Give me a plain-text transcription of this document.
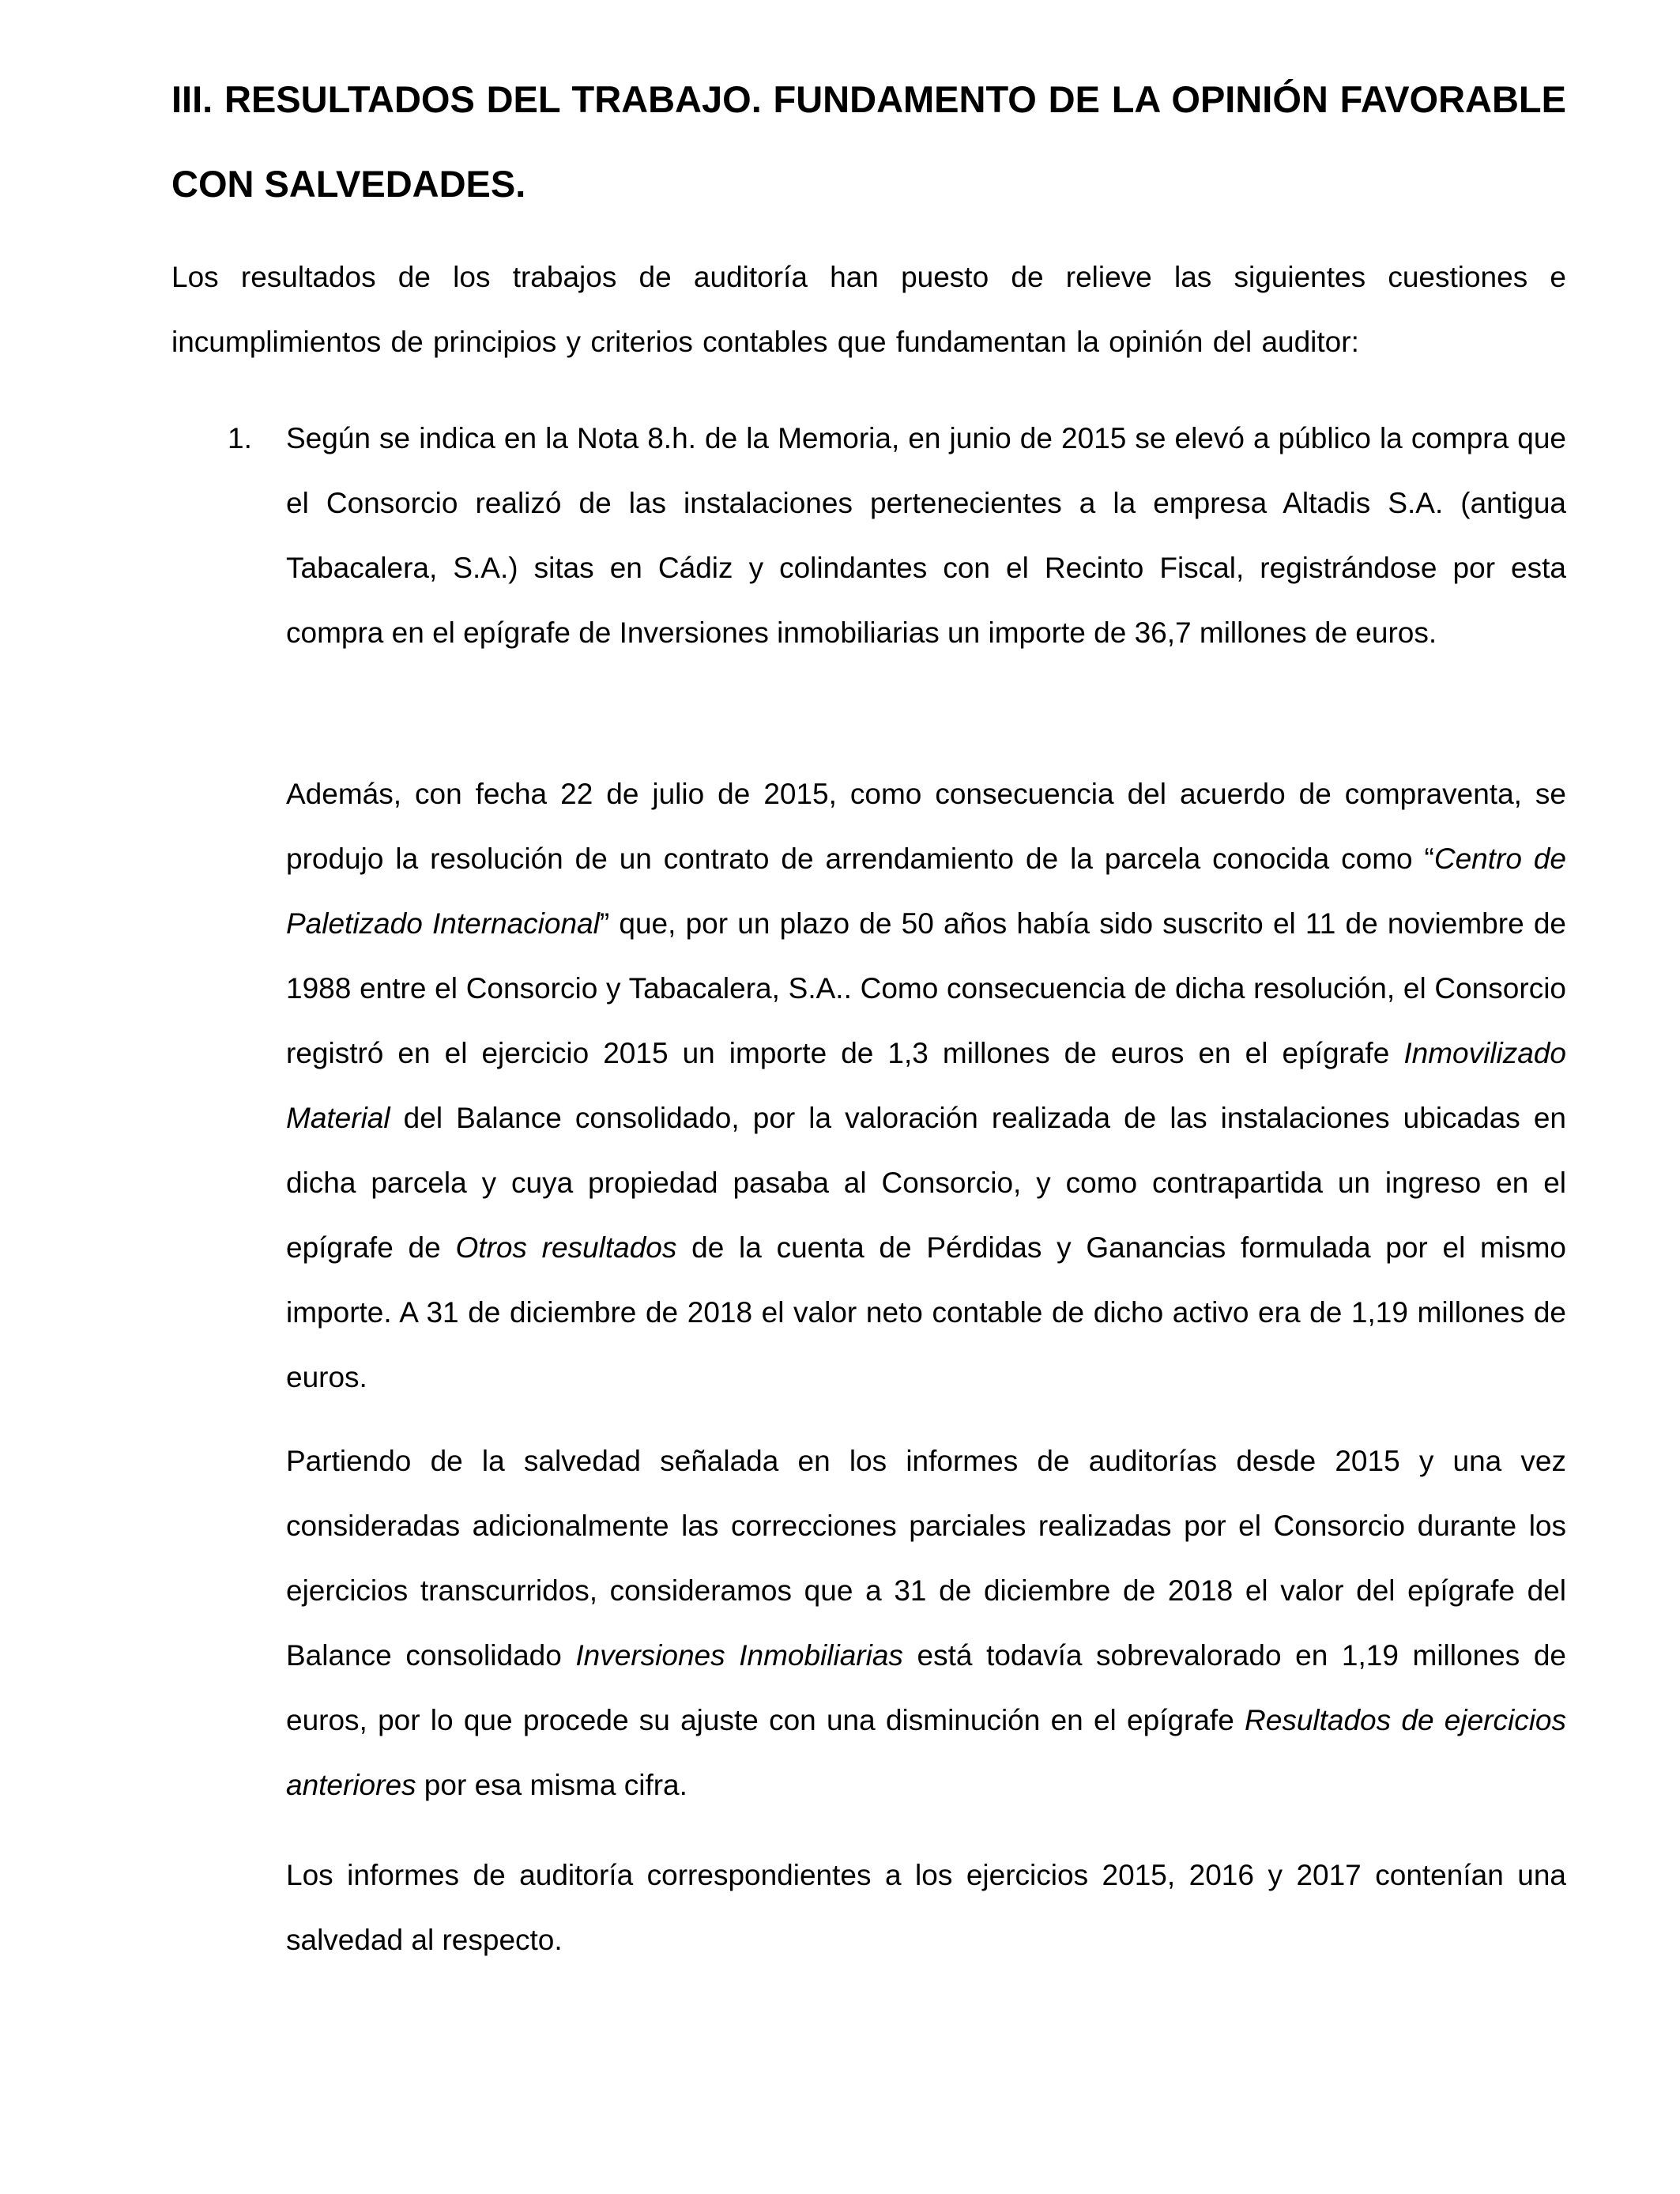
III. RESULTADOS DEL TRABAJO. FUNDAMENTO DE LA OPINIÓN FAVORABLE CON SALVEDADES.

Los resultados de los trabajos de auditoría han puesto de relieve las siguientes cuestiones e incumplimientos de principios y criterios contables que fundamentan la opinión del auditor:

1. Según se indica en la Nota 8.h. de la Memoria, en junio de 2015 se elevó a público la compra que el Consorcio realizó de las instalaciones pertenecientes a la empresa Altadis S.A. (antigua Tabacalera, S.A.) sitas en Cádiz y colindantes con el Recinto Fiscal, registrándose por esta compra en el epígrafe de Inversiones inmobiliarias un importe de 36,7 millones de euros.

Además, con fecha 22 de julio de 2015, como consecuencia del acuerdo de compraventa, se produjo la resolución de un contrato de arrendamiento de la parcela conocida como “Centro de Paletizado Internacional” que, por un plazo de 50 años había sido suscrito el 11 de noviembre de 1988 entre el Consorcio y Tabacalera, S.A.. Como consecuencia de dicha resolución, el Consorcio registró en el ejercicio 2015 un importe de 1,3 millones de euros en el epígrafe Inmovilizado Material del Balance consolidado, por la valoración realizada de las instalaciones ubicadas en dicha parcela y cuya propiedad pasaba al Consorcio, y como contrapartida un ingreso en el epígrafe de Otros resultados de la cuenta de Pérdidas y Ganancias formulada por el mismo importe. A 31 de diciembre de 2018 el valor neto contable de dicho activo era de 1,19 millones de euros.

Partiendo de la salvedad señalada en los informes de auditorías desde 2015 y una vez consideradas adicionalmente las correcciones parciales realizadas por el Consorcio durante los ejercicios transcurridos, consideramos que a 31 de diciembre de 2018 el valor del epígrafe del Balance consolidado Inversiones Inmobiliarias está todavía sobrevalorado en 1,19 millones de euros, por lo que procede su ajuste con una disminución en el epígrafe Resultados de ejercicios anteriores por esa misma cifra.

Los informes de auditoría correspondientes a los ejercicios 2015, 2016 y 2017 contenían una salvedad al respecto.
